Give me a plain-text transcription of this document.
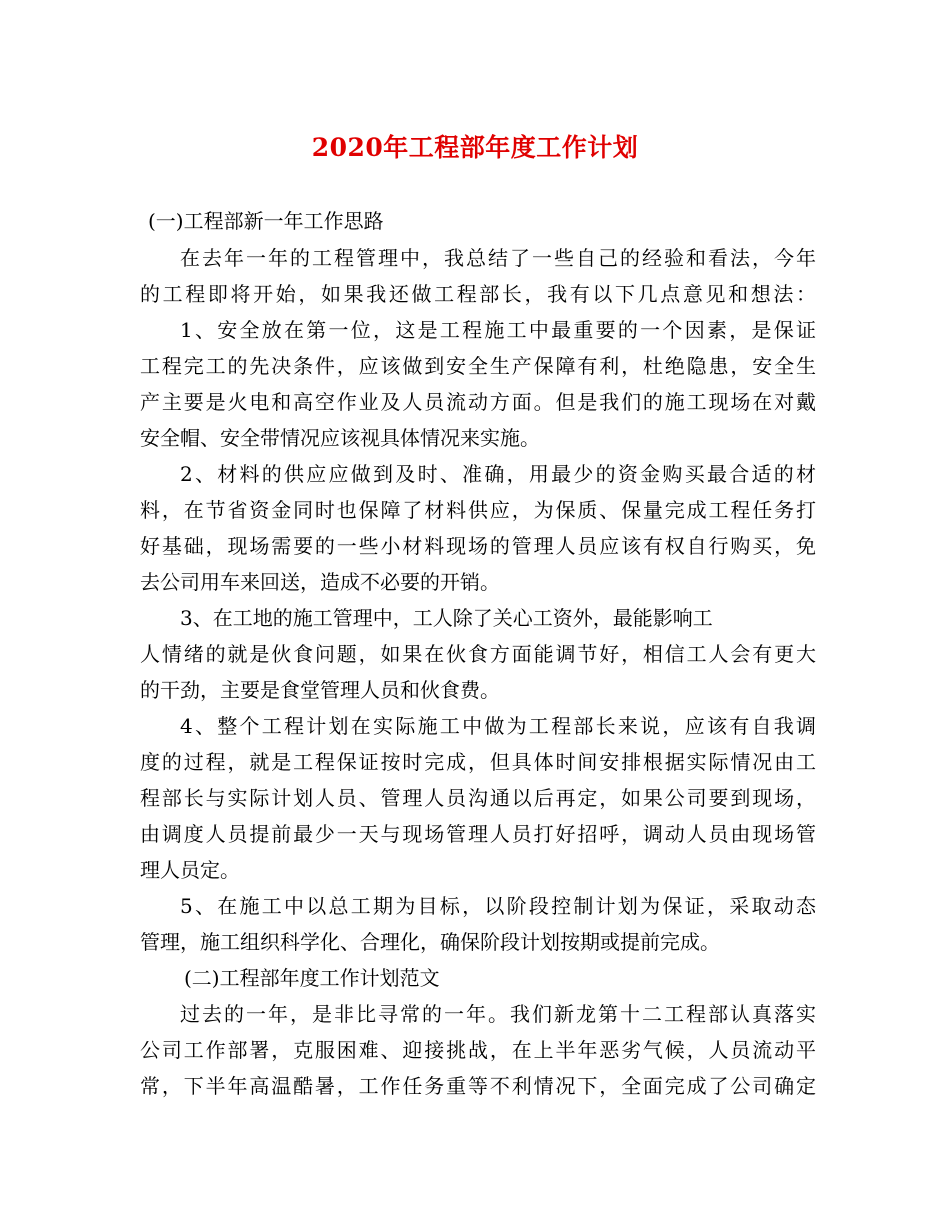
2020年工程部年度工作计划

(一)工程部新一年工作思路

在去年一年的工程管理中，我总结了一些自己的经验和看法，今年

的工程即将开始，如果我还做工程部长，我有以下几点意见和想法：

1、安全放在第一位，这是工程施工中最重要的一个因素，是保证

工程完工的先决条件，应该做到安全生产保障有利，杜绝隐患，安全生

产主要是火电和高空作业及人员流动方面。但是我们的施工现场在对戴

安全帽、安全带情况应该视具体情况来实施。

2、材料的供应应做到及时、准确，用最少的资金购买最合适的材

料，在节省资金同时也保障了材料供应，为保质、保量完成工程任务打

好基础，现场需要的一些小材料现场的管理人员应该有权自行购买，免

去公司用车来回送，造成不必要的开销。

3、在工地的施工管理中，工人除了关心工资外，最能影响工

人情绪的就是伙食问题，如果在伙食方面能调节好，相信工人会有更大

的干劲，主要是食堂管理人员和伙食费。

4、整个工程计划在实际施工中做为工程部长来说，应该有自我调

度的过程，就是工程保证按时完成，但具体时间安排根据实际情况由工

程部长与实际计划人员、管理人员沟通以后再定，如果公司要到现场，

由调度人员提前最少一天与现场管理人员打好招呼，调动人员由现场管

理人员定。

5、在施工中以总工期为目标，以阶段控制计划为保证，采取动态

管理，施工组织科学化、合理化，确保阶段计划按期或提前完成。

(二)工程部年度工作计划范文

过去的一年，是非比寻常的一年。我们新龙第十二工程部认真落实

公司工作部署，克服困难、迎接挑战，在上半年恶劣气候，人员流动平

常，下半年高温酷暑，工作任务重等不利情况下，全面完成了公司确定
